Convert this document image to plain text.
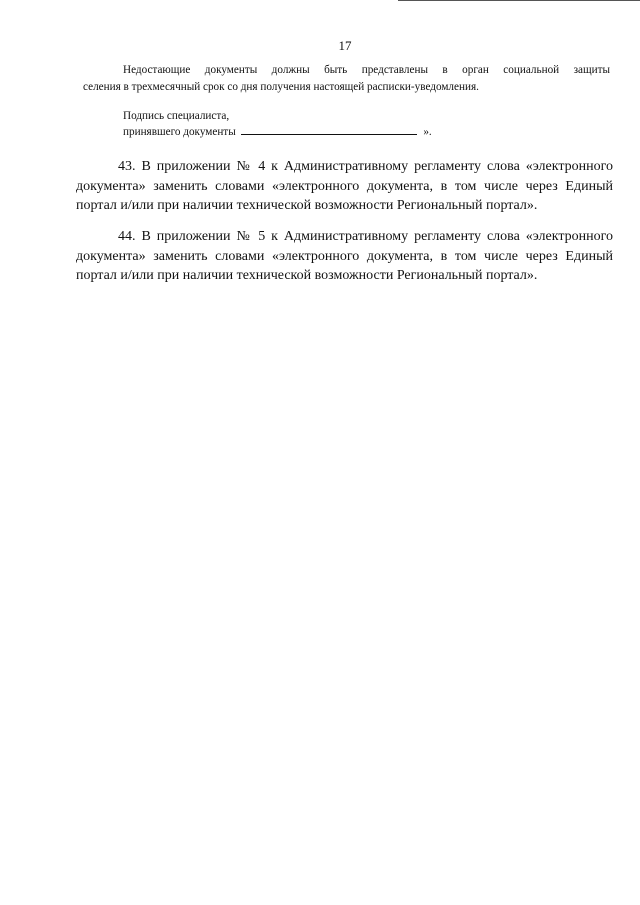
17
Недостающие документы должны быть представлены в орган социальной защиты
селения в трехмесячный срок со дня получения настоящей расписки-уведомления.
Подпись специалиста,
принявшего документы	».

43. В приложении № 4 к Административному регламенту слова «электронного документа» заменить словами «электронного документа, в том числе через Единый портал и/или при наличии технической возможности Региональный портал».

44. В приложении № 5 к Административному регламенту слова «электронного документа» заменить словами «электронного документа, в том числе через Единый портал и/или при наличии технической возможности Региональный портал».
